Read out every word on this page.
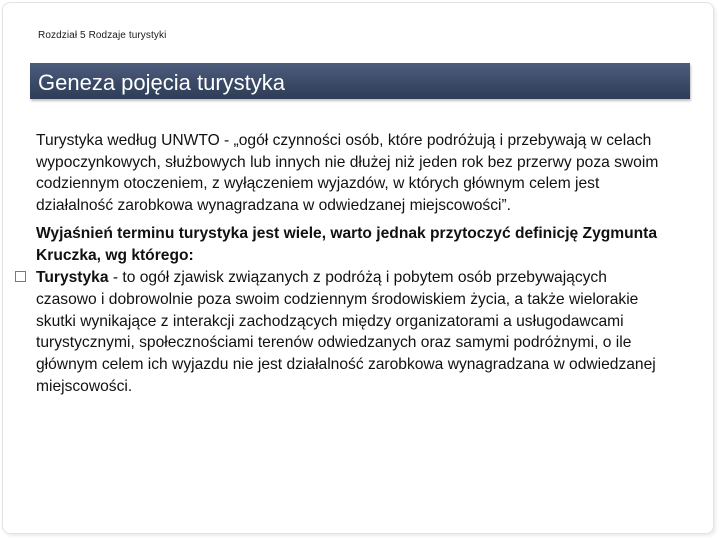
Rozdział 5 Rodzaje turystyki
Geneza pojęcia turystyka

Turystyka według UNWTO - „ogół czynności osób, które podróżują i przebywają w celach wypoczynkowych, służbowych lub innych nie dłużej niż jeden rok bez przerwy poza swoim codziennym otoczeniem, z wyłączeniem wyjazdów, w których głównym celem jest działalność zarobkowa wynagradzana w odwiedzanej miejscowości”.

Wyjaśnień terminu turystyka jest wiele, warto jednak przytoczyć definicję Zygmunta Kruczka, wg którego:

Turystyka - to ogół zjawisk związanych z podróżą i pobytem osób przebywających czasowo i dobrowolnie poza swoim codziennym środowiskiem życia, a także wielorakie skutki wynikające z interakcji zachodzących między organizatorami a usługodawcami turystycznymi, społecznościami terenów odwiedzanych oraz samymi podróżnymi, o ile głównym celem ich wyjazdu nie jest działalność zarobkowa wynagradzana w odwiedzanej miejscowości.
